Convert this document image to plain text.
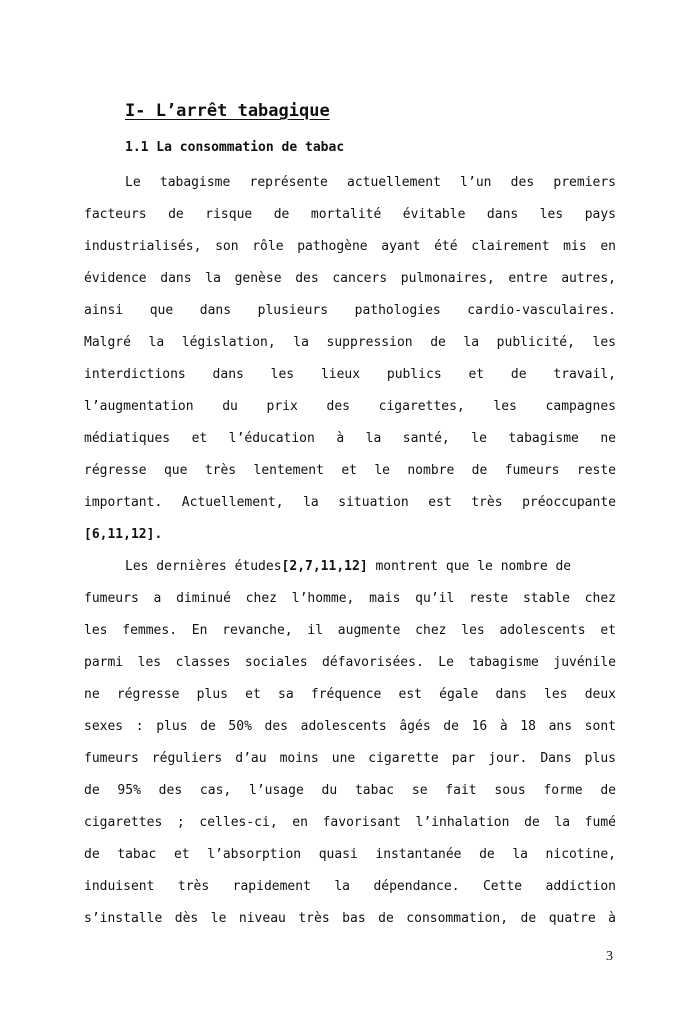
I- L’arrêt tabagique
1.1 La consommation de tabac
Le tabagisme représente actuellement l’un des premiers
facteurs de risque de mortalité évitable dans les pays
industrialisés, son rôle pathogène ayant été clairement mis en
évidence dans la genèse des cancers pulmonaires, entre autres,
ainsi que dans plusieurs pathologies cardio-vasculaires.
Malgré la législation, la suppression de la publicité, les
interdictions dans les lieux publics et de travail,
l’augmentation du prix des cigarettes, les campagnes
médiatiques et l’éducation à la santé, le tabagisme ne
régresse que très lentement et le nombre de fumeurs reste
important. Actuellement, la situation est très préoccupante
[6,11,12].
Les dernières études[2,7,11,12] montrent que le nombre de
fumeurs a diminué chez l’homme, mais qu’il reste stable chez
les femmes. En revanche, il augmente chez les adolescents et
parmi les classes sociales défavorisées. Le tabagisme juvénile
ne régresse plus et sa fréquence est égale dans les deux
sexes : plus de 50% des adolescents âgés de 16 à 18 ans sont
fumeurs réguliers d’au moins une cigarette par jour. Dans plus
de 95% des cas, l’usage du tabac se fait sous forme de
cigarettes ; celles-ci, en favorisant l’inhalation de la fumé
de tabac et l’absorption quasi instantanée de la nicotine,
induisent très rapidement la dépendance. Cette addiction
s’installe dès le niveau très bas de consommation, de quatre à
3
